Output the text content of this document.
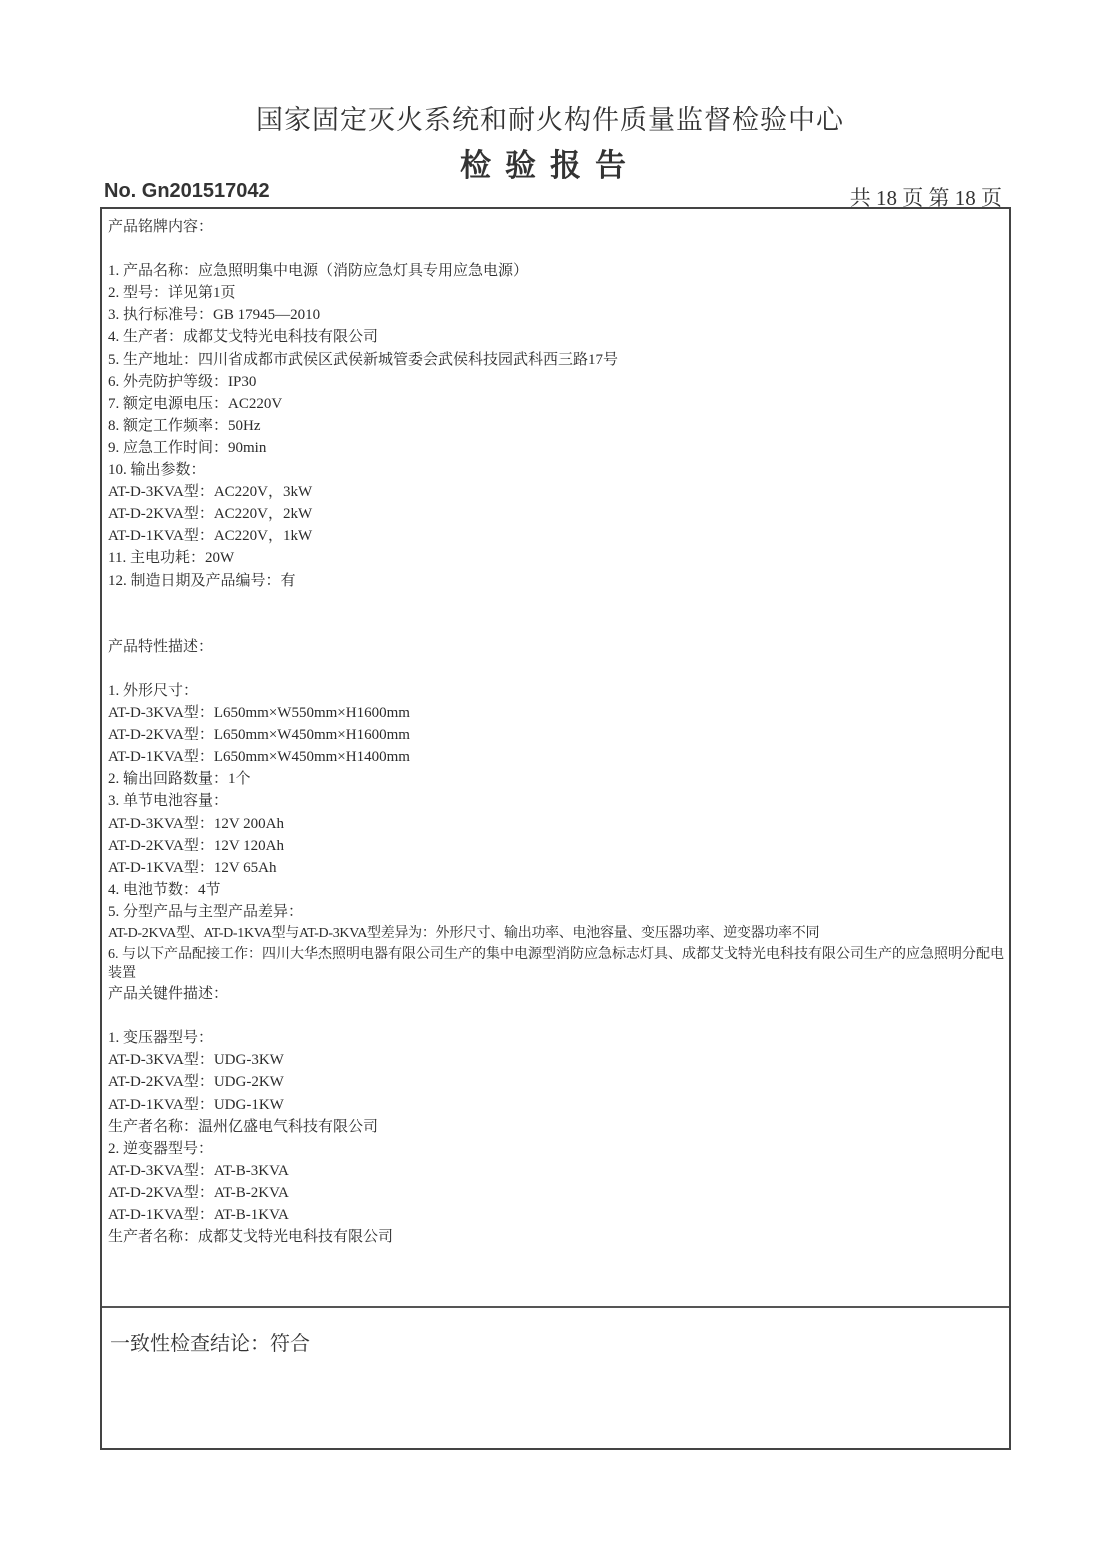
国家固定灭火系统和耐火构件质量监督检验中心
检验报告
No. Gn201517042	共 18 页 第 18 页
产品铭牌内容：
1. 产品名称：应急照明集中电源（消防应急灯具专用应急电源）
2. 型号：详见第1页
3. 执行标准号：GB 17945—2010
4. 生产者：成都艾戈特光电科技有限公司
5. 生产地址：四川省成都市武侯区武侯新城管委会武侯科技园武科西三路17号
6. 外壳防护等级：IP30
7. 额定电源电压：AC220V
8. 额定工作频率：50Hz
9. 应急工作时间：90min
10. 输出参数：
AT-D-3KVA型：AC220V，3kW
AT-D-2KVA型：AC220V，2kW
AT-D-1KVA型：AC220V，1kW
11. 主电功耗：20W
12. 制造日期及产品编号：有
产品特性描述：
1. 外形尺寸：
AT-D-3KVA型：L650mm×W550mm×H1600mm
AT-D-2KVA型：L650mm×W450mm×H1600mm
AT-D-1KVA型：L650mm×W450mm×H1400mm
2. 输出回路数量：1个
3. 单节电池容量：
AT-D-3KVA型：12V 200Ah
AT-D-2KVA型：12V 120Ah
AT-D-1KVA型：12V 65Ah
4. 电池节数：4节
5. 分型产品与主型产品差异：
AT-D-2KVA型、AT-D-1KVA型与AT-D-3KVA型差异为：外形尺寸、输出功率、电池容量、变压器功率、逆变器功率不同
6. 与以下产品配接工作：四川大华杰照明电器有限公司生产的集中电源型消防应急标志灯具、成都艾戈特光电科技有限公司生产的应急照明分配电装置
产品关键件描述：
1. 变压器型号：
AT-D-3KVA型：UDG-3KW
AT-D-2KVA型：UDG-2KW
AT-D-1KVA型：UDG-1KW
生产者名称：温州亿盛电气科技有限公司
2. 逆变器型号：
AT-D-3KVA型：AT-B-3KVA
AT-D-2KVA型：AT-B-2KVA
AT-D-1KVA型：AT-B-1KVA
生产者名称：成都艾戈特光电科技有限公司
一致性检查结论：符合
